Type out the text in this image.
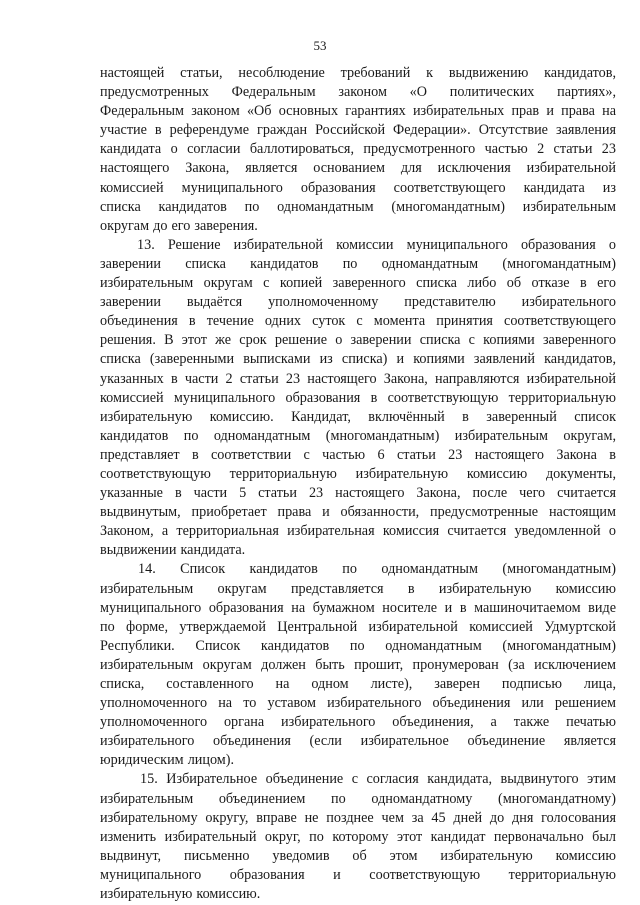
53
настоящей статьи, несоблюдение требований к выдвижению кандидатов,
предусмотренных Федеральным законом «О политических партиях»,
Федеральным законом «Об основных гарантиях избирательных прав и права на
участие в референдуме граждан Российской Федерации». Отсутствие заявления
кандидата о согласии баллотироваться, предусмотренного частью 2 статьи 23
настоящего Закона, является основанием для исключения избирательной
комиссией муниципального образования соответствующего кандидата из
списка кандидатов по одномандатным (многомандатным) избирательным
округам до его заверения.
13. Решение избирательной комиссии муниципального образования о
заверении списка кандидатов по одномандатным (многомандатным)
избирательным округам с копией заверенного списка либо об отказе в его
заверении выдаётся уполномоченному представителю избирательного
объединения в течение одних суток с момента принятия соответствующего
решения. В этот же срок решение о заверении списка с копиями заверенного
списка (заверенными выписками из списка) и копиями заявлений кандидатов,
указанных в части 2 статьи 23 настоящего Закона, направляются избирательной
комиссией муниципального образования в соответствующую территориальную
избирательную комиссию. Кандидат, включённый в заверенный список
кандидатов по одномандатным (многомандатным) избирательным округам,
представляет в соответствии с частью 6 статьи 23 настоящего Закона в
соответствующую территориальную избирательную комиссию документы,
указанные в части 5 статьи 23 настоящего Закона, после чего считается
выдвинутым, приобретает права и обязанности, предусмотренные настоящим
Законом, а территориальная избирательная комиссия считается уведомленной о
выдвижении кандидата.
14. Список кандидатов по одномандатным (многомандатным)
избирательным округам представляется в избирательную комиссию
муниципального образования на бумажном носителе и в машиночитаемом виде
по форме, утверждаемой Центральной избирательной комиссией Удмуртской
Республики. Список кандидатов по одномандатным (многомандатным)
избирательным округам должен быть прошит, пронумерован (за исключением
списка, составленного на одном листе), заверен подписью лица,
уполномоченного на то уставом избирательного объединения или решением
уполномоченного органа избирательного объединения, а также печатью
избирательного объединения (если избирательное объединение является
юридическим лицом).
15. Избирательное объединение с согласия кандидата, выдвинутого этим
избирательным объединением по одномандатному (многомандатному)
избирательному округу, вправе не позднее чем за 45 дней до дня голосования
изменить избирательный округ, по которому этот кандидат первоначально был
выдвинут, письменно уведомив об этом избирательную комиссию
муниципального образования и соответствующую территориальную
избирательную комиссию.
